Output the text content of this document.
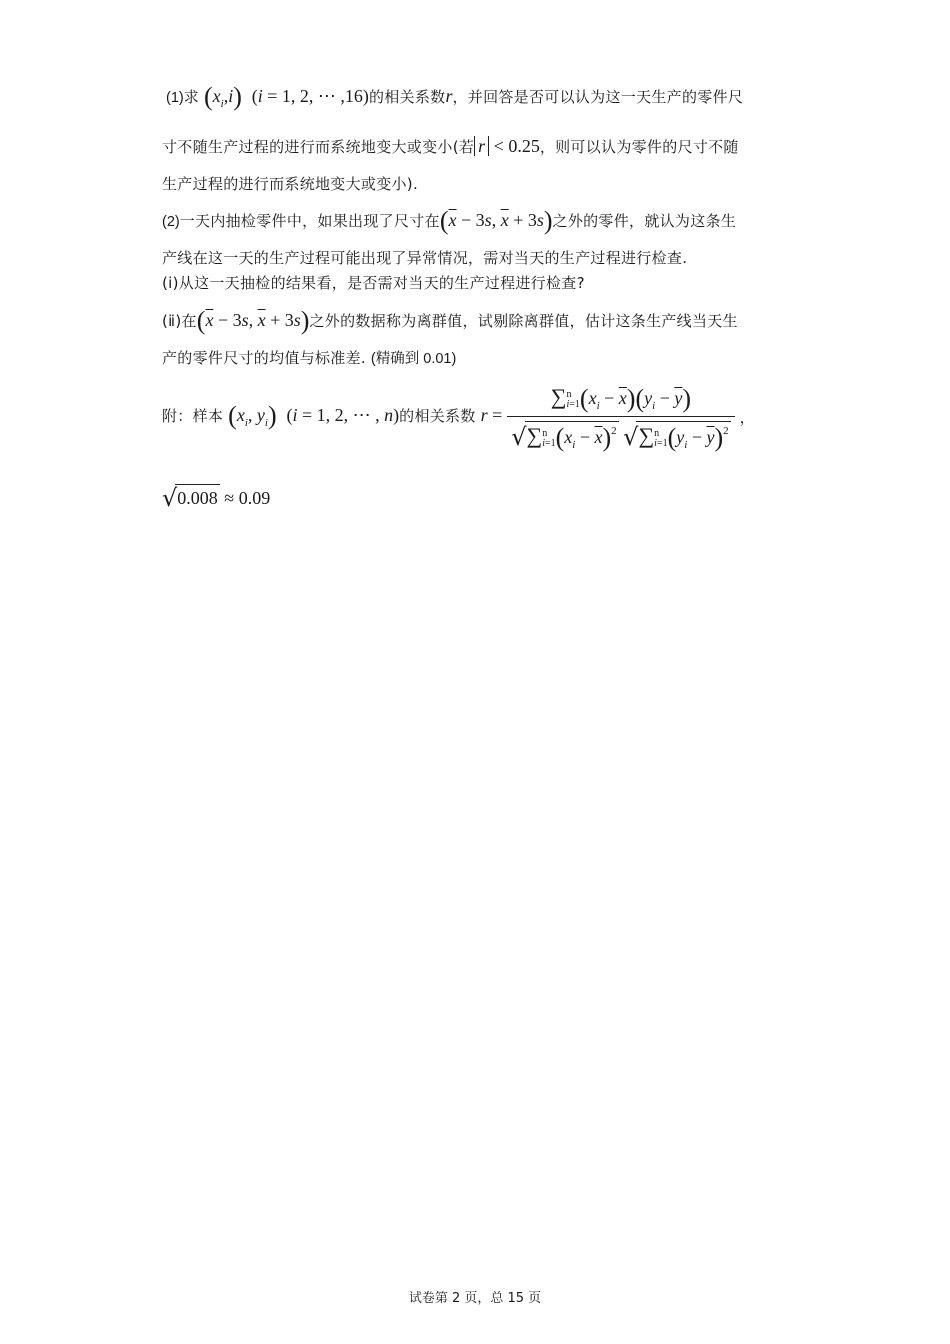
(1)求 $(x_i,i) (i = 1$, 2, ⋯ ,16)的相关系数r，并回答是否可以认为这一天生产的零件尺
寸不随生产过程的进行而系统地变大或变小(若 r < 0.25，则可以认为零件的尺寸不随
生产过程的进行而系统地变大或变小).
(2)一天内抽检零件中，如果出现了尺寸在($\overline{x} - 3s$, $\overline{x} + 3s$)之外的零件，就认为这条生
产线在这一天的生产过程可能出现了异常情况，需对当天的生产过程进行检查.
(ⅰ)从这一天抽检的结果看，是否需对当天的生产过程进行检查?
(ⅱ)在($\overline{x} - 3s$, $\overline{x} + 3s$)之外的数据称为离群值，试剔除离群值，估计这条生产线当天生
产的零件尺寸的均值与标准差. (精确到 0.01)
附：样本 ($x_i$, $y_i$) (i = 1, 2, ⋯ , n)的相关系数 r =
∑n
$i=1(x_i - \overline{x})(y_i - \overline{y})$
√∑n
$i=1(x_i - \overline{x})^2$ √∑n
$i=1(y_i - \overline{y})^2$
，
√0.008 ≈ 0.09
试卷第 2 页，总 15 页
